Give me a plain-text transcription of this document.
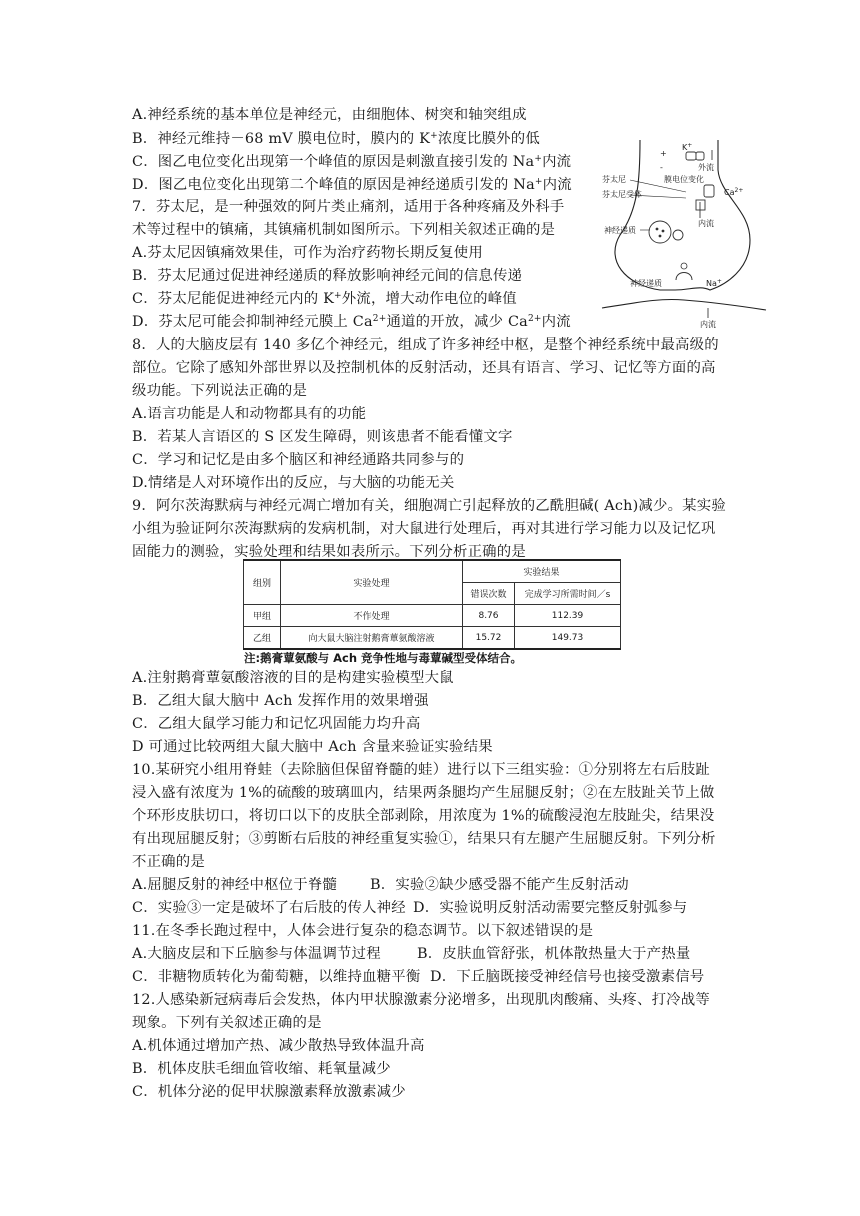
A.神经系统的基本单位是神经元，由细胞体、树突和轴突组成
B．神经元维持－68 mV 膜电位时，膜内的 K+浓度比膜外的低
C．图乙电位变化出现第一个峰值的原因是刺激直接引发的 Na+内流
D．图乙电位变化出现第二个峰值的原因是神经递质引发的 Na+内流
7．芬太尼，是一种强效的阿片类止痛剂，适用于各种疼痛及外科手
术等过程中的镇痛，其镇痛机制如图所示。下列相关叙述正确的是
A.芬太尼因镇痛效果佳，可作为治疗药物长期反复使用
B．芬太尼通过促进神经递质的释放影响神经元间的信息传递
C．芬太尼能促进神经元内的 K+外流，增大动作电位的峰值
D．芬太尼可能会抑制神经元膜上 $Ca^{2+}$通道的开放，减少 $Ca^{2+}$内流
K+
外流
-
+
膜电位变化
芬太尼
芬太尼受体	$Ca^{2+}$
内流
神经递质
神经递质	Na+
内流
8．人的大脑皮层有 140 多亿个神经元，组成了许多神经中枢，是整个神经系统中最高级的
部位。它除了感知外部世界以及控制机体的反射活动，还具有语言、学习、记忆等方面的高
级功能。下列说法正确的是
A.语言功能是人和动物都具有的功能
B．若某人言语区的 S 区发生障碍，则该患者不能看懂文字
C．学习和记忆是由多个脑区和神经通路共同参与的
D.情绪是人对环境作出的反应，与大脑的功能无关
9．阿尔茨海默病与神经元凋亡增加有关，细胞凋亡引起释放的乙酰胆碱( Ach)减少。某实验
小组为验证阿尔茨海默病的发病机制，对大鼠进行处理后，再对其进行学习能力以及记忆巩
固能力的测验，实验处理和结果如表所示。下列分析正确的是
组别	实验处理	实验结果	
		错误次数	完成学习所需时间／s
甲组	不作处理	8.76	112.39
乙组	向大鼠大脑注射鹅膏蕈氨酸溶液	15.72	149.73
注:鹅膏蕈氨酸与 Ach 竞争性地与毒蕈碱型受体结合。
A.注射鹅膏蕈氨酸溶液的目的是构建实验模型大鼠
B．乙组大鼠大脑中 Ach 发挥作用的效果增强
C．乙组大鼠学习能力和记忆巩固能力均升高
D 可通过比较两组大鼠大脑中 Ach 含量来验证实验结果
10.某研究小组用脊蛙（去除脑但保留脊髓的蛙）进行以下三组实验：①分别将左右后肢趾
浸入盛有浓度为 1%的硫酸的玻璃皿内，结果两条腿均产生屈腿反射；②在左肢趾关节上做
个环形皮肤切口，将切口以下的皮肤全部剥除，用浓度为 1%的硫酸浸泡左肢趾尖，结果没
有出现屈腿反射；③剪断右后肢的神经重复实验①，结果只有左腿产生屈腿反射。下列分析
不正确的是
A.屈腿反射的神经中枢位于脊髓 B．实验②缺少感受器不能产生反射活动
C．实验③一定是破坏了右后肢的传人神经 D．实验说明反射活动需要完整反射弧参与
11.在冬季长跑过程中，人体会进行复杂的稳态调节。以下叙述错误的是
A.大脑皮层和下丘脑参与体温调节过程	B．皮肤血管舒张，机体散热量大于产热量
C．非糖物质转化为葡萄糖，以维持血糖平衡 D．下丘脑既接受神经信号也接受激素信号
12.人感染新冠病毒后会发热，体内甲状腺激素分泌增多，出现肌肉酸痛、头疼、打冷战等
现象。下列有关叙述正确的是
A.机体通过增加产热、减少散热导致体温升高
B．机体皮肤毛细血管收缩、耗氧量减少
C．机体分泌的促甲状腺激素释放激素减少
